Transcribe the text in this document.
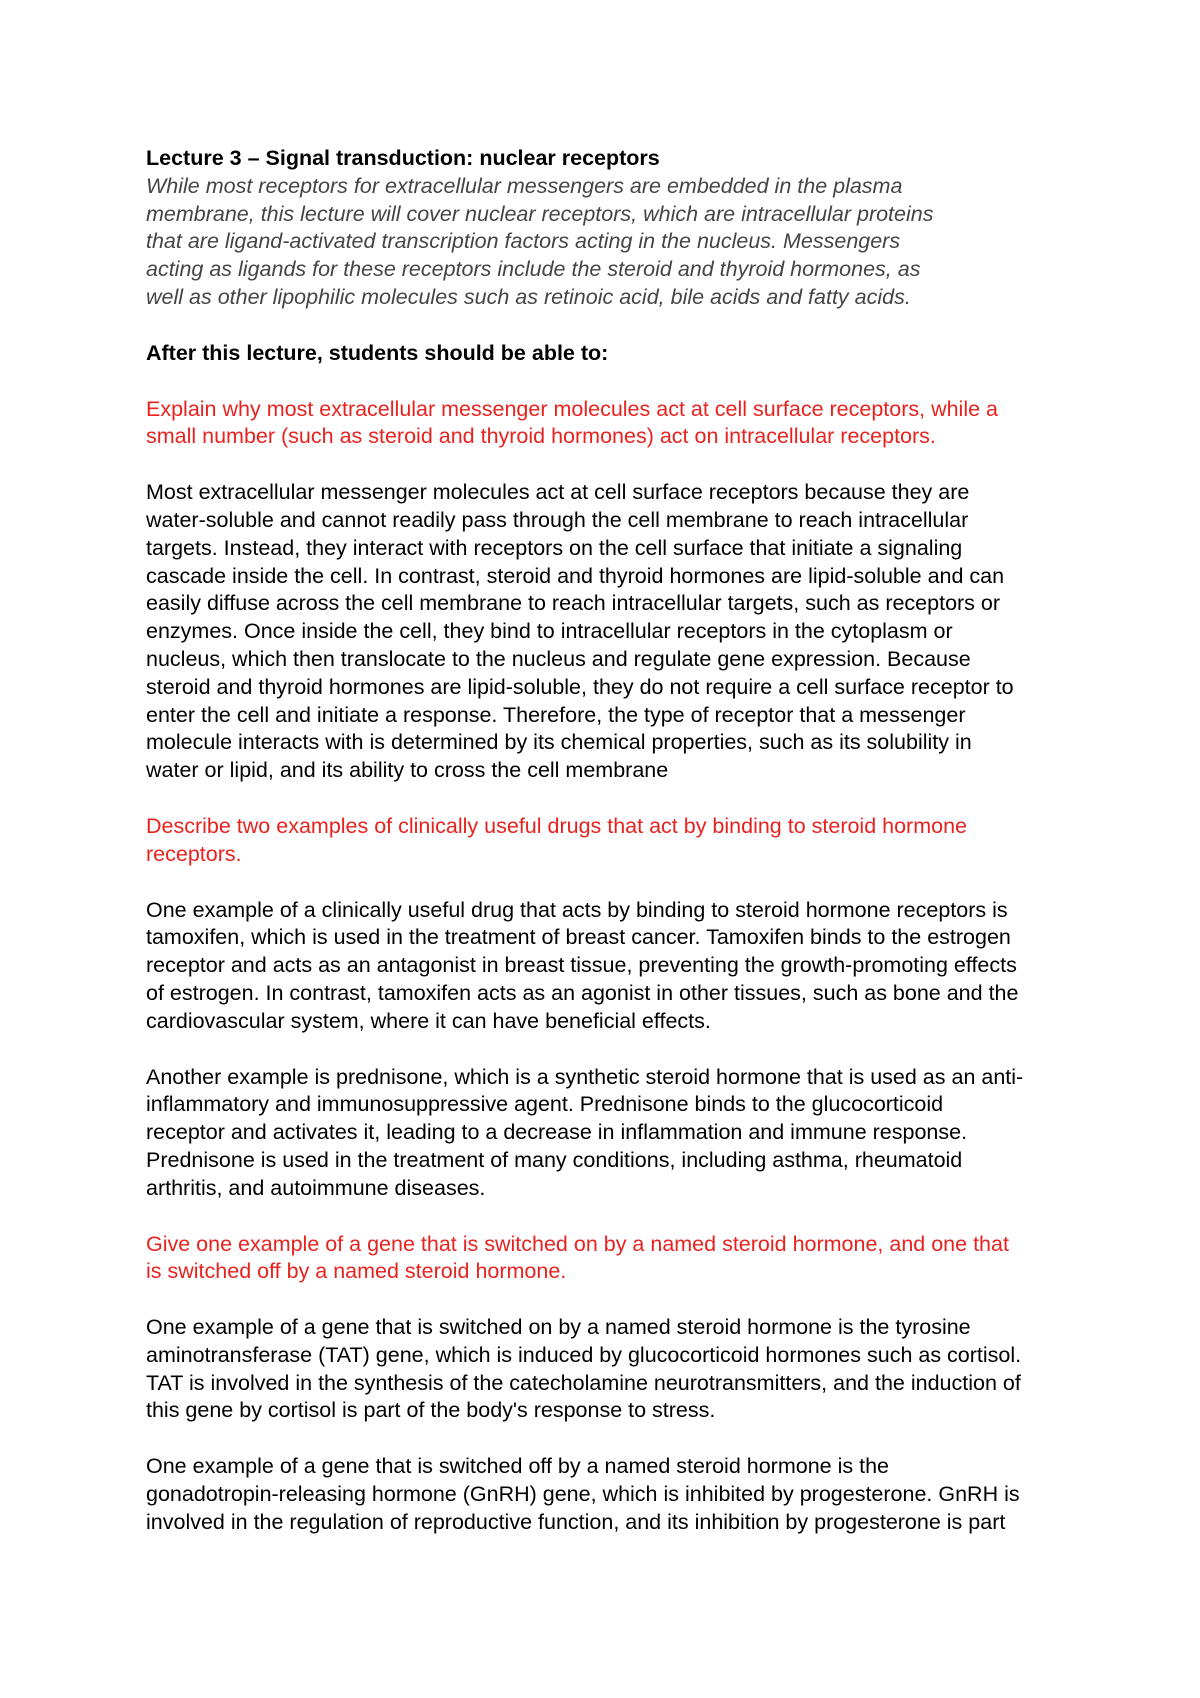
Lecture 3 – Signal transduction: nuclear receptors

While most receptors for extracellular messengers are embedded in the plasma
membrane, this lecture will cover nuclear receptors, which are intracellular proteins
that are ligand-activated transcription factors acting in the nucleus. Messengers
acting as ligands for these receptors include the steroid and thyroid hormones, as
well as other lipophilic molecules such as retinoic acid, bile acids and fatty acids.

After this lecture, students should be able to:

Explain why most extracellular messenger molecules act at cell surface receptors, while a
small number (such as steroid and thyroid hormones) act on intracellular receptors.

Most extracellular messenger molecules act at cell surface receptors because they are
water-soluble and cannot readily pass through the cell membrane to reach intracellular
targets. Instead, they interact with receptors on the cell surface that initiate a signaling
cascade inside the cell. In contrast, steroid and thyroid hormones are lipid-soluble and can
easily diffuse across the cell membrane to reach intracellular targets, such as receptors or
enzymes. Once inside the cell, they bind to intracellular receptors in the cytoplasm or
nucleus, which then translocate to the nucleus and regulate gene expression. Because
steroid and thyroid hormones are lipid-soluble, they do not require a cell surface receptor to
enter the cell and initiate a response. Therefore, the type of receptor that a messenger
molecule interacts with is determined by its chemical properties, such as its solubility in
water or lipid, and its ability to cross the cell membrane

Describe two examples of clinically useful drugs that act by binding to steroid hormone
receptors.

One example of a clinically useful drug that acts by binding to steroid hormone receptors is
tamoxifen, which is used in the treatment of breast cancer. Tamoxifen binds to the estrogen
receptor and acts as an antagonist in breast tissue, preventing the growth-promoting effects
of estrogen. In contrast, tamoxifen acts as an agonist in other tissues, such as bone and the
cardiovascular system, where it can have beneficial effects.

Another example is prednisone, which is a synthetic steroid hormone that is used as an anti-
inflammatory and immunosuppressive agent. Prednisone binds to the glucocorticoid
receptor and activates it, leading to a decrease in inflammation and immune response.
Prednisone is used in the treatment of many conditions, including asthma, rheumatoid
arthritis, and autoimmune diseases.

Give one example of a gene that is switched on by a named steroid hormone, and one that
is switched off by a named steroid hormone.

One example of a gene that is switched on by a named steroid hormone is the tyrosine
aminotransferase (TAT) gene, which is induced by glucocorticoid hormones such as cortisol.
TAT is involved in the synthesis of the catecholamine neurotransmitters, and the induction of
this gene by cortisol is part of the body's response to stress.

One example of a gene that is switched off by a named steroid hormone is the
gonadotropin-releasing hormone (GnRH) gene, which is inhibited by progesterone. GnRH is
involved in the regulation of reproductive function, and its inhibition by progesterone is part
